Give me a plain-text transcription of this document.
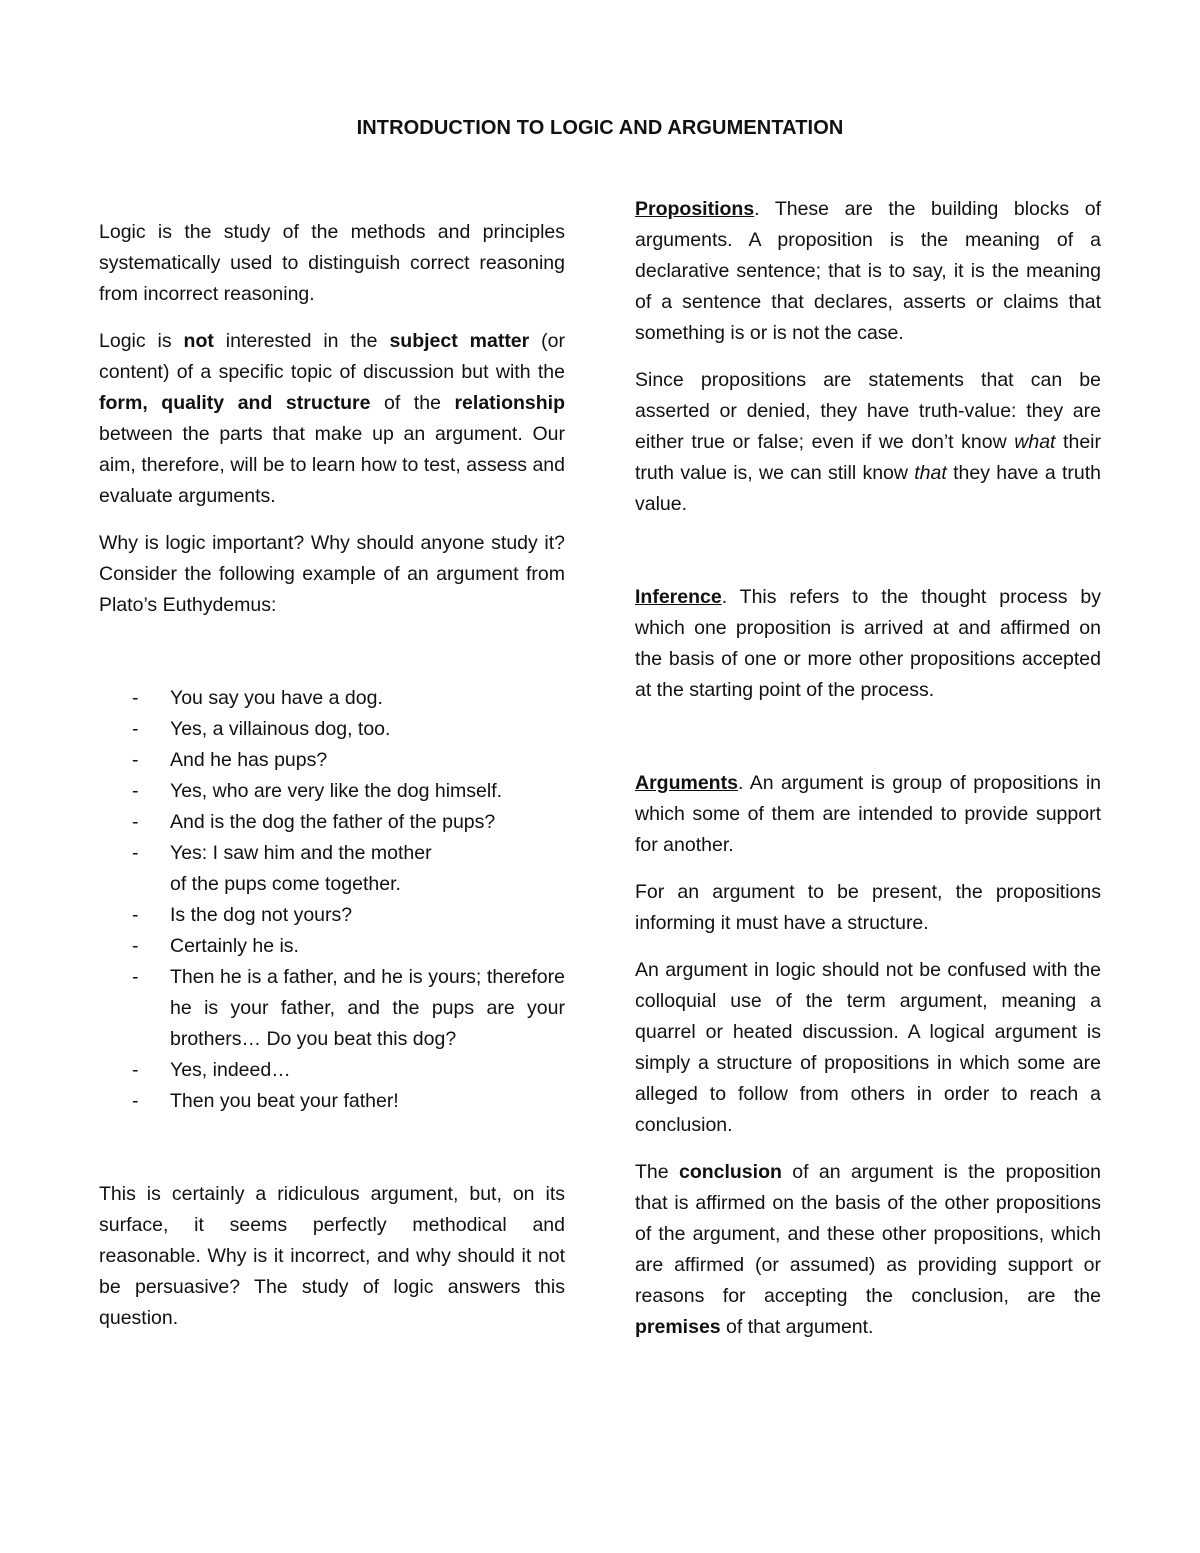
INTRODUCTION TO LOGIC AND ARGUMENTATION

Logic is the study of the methods and principles systematically used to distinguish correct reasoning from incorrect reasoning.

Logic is not interested in the subject matter (or content) of a specific topic of discussion but with the form, quality and structure of the relationship between the parts that make up an argument. Our aim, therefore, will be to learn how to test, assess and evaluate arguments.

Why is logic important? Why should anyone study it? Consider the following example of an argument from Plato’s Euthydemus:

- You say you have a dog.
- Yes, a villainous dog, too.
- And he has pups?
- Yes, who are very like the dog himself.
- And is the dog the father of the pups?
- Yes: I saw him and the mother of the pups come together.
- Is the dog not yours?
- Certainly he is.
- Then he is a father, and he is yours; therefore he is your father, and the pups are your brothers… Do you beat this dog?
- Yes, indeed…
- Then you beat your father!

This is certainly a ridiculous argument, but, on its surface, it seems perfectly methodical and reasonable. Why is it incorrect, and why should it not be persuasive? The study of logic answers this question.

Propositions. These are the building blocks of arguments. A proposition is the meaning of a declarative sentence; that is to say, it is the meaning of a sentence that declares, asserts or claims that something is or is not the case.

Since propositions are statements that can be asserted or denied, they have truth-value: they are either true or false; even if we don’t know what their truth value is, we can still know that they have a truth value.

Inference. This refers to the thought process by which one proposition is arrived at and affirmed on the basis of one or more other propositions accepted at the starting point of the process.

Arguments. An argument is group of propositions in which some of them are intended to provide support for another.

For an argument to be present, the propositions informing it must have a structure.

An argument in logic should not be confused with the colloquial use of the term argument, meaning a quarrel or heated discussion. A logical argument is simply a structure of propositions in which some are alleged to follow from others in order to reach a conclusion.

The conclusion of an argument is the proposition that is affirmed on the basis of the other propositions of the argument, and these other propositions, which are affirmed (or assumed) as providing support or reasons for accepting the conclusion, are the premises of that argument.
